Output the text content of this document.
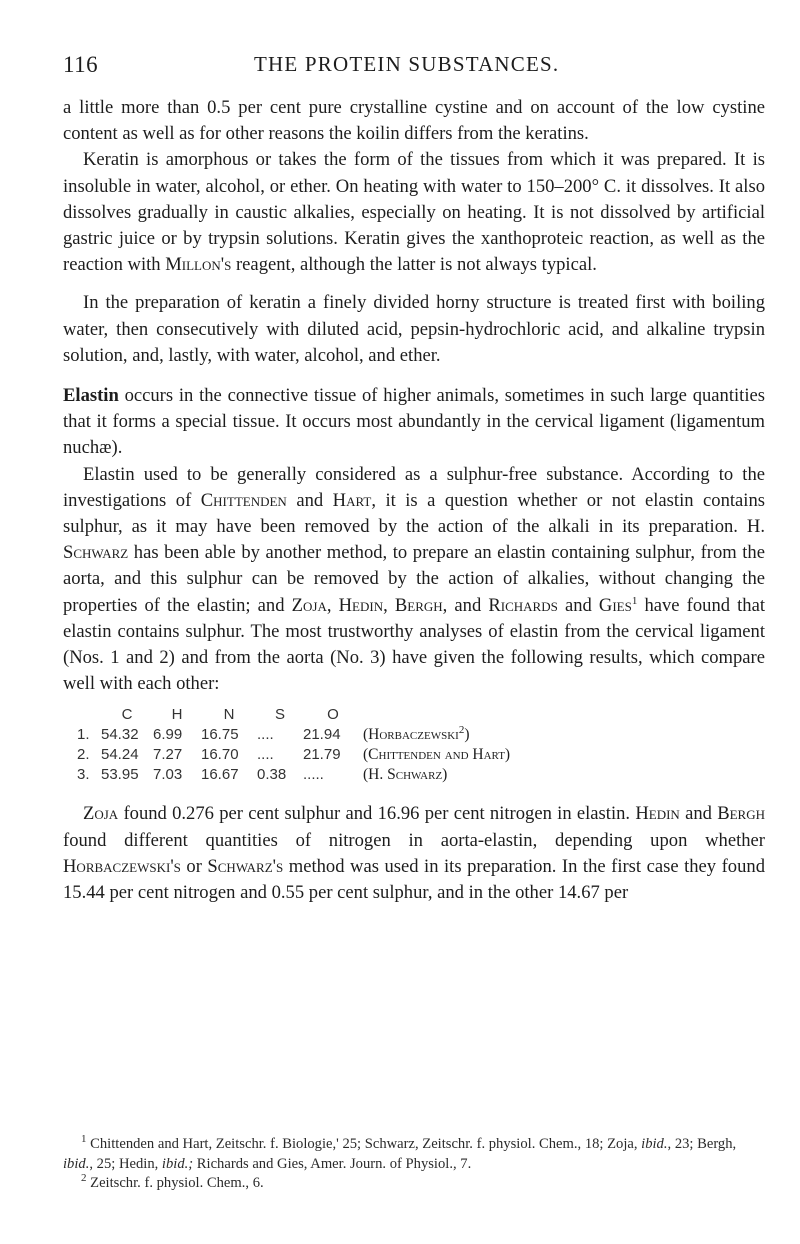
116	THE PROTEIN SUBSTANCES.

a little more than 0.5 per cent pure crystalline cystine and on account of the low cystine content as well as for other reasons the koilin differs from the keratins.

Keratin is amorphous or takes the form of the tissues from which it was prepared. It is insoluble in water, alcohol, or ether. On heating with water to 150–200° C. it dissolves. It also dissolves gradually in caustic alkalies, especially on heating. It is not dissolved by artificial gastric juice or by trypsin solutions. Keratin gives the xanthoproteic reaction, as well as the reaction with Millon's reagent, although the latter is not always typical.

In the preparation of keratin a finely divided horny structure is treated first with boiling water, then consecutively with diluted acid, pepsin-hydrochloric acid, and alkaline trypsin solution, and, lastly, with water, alcohol, and ether.

Elastin occurs in the connective tissue of higher animals, sometimes in such large quantities that it forms a special tissue. It occurs most abundantly in the cervical ligament (ligamentum nuchæ).

Elastin used to be generally considered as a sulphur-free substance. According to the investigations of Chittenden and Hart, it is a question whether or not elastin contains sulphur, as it may have been removed by the action of the alkali in its preparation. H. Schwarz has been able by another method, to prepare an elastin containing sulphur, from the aorta, and this sulphur can be removed by the action of alkalies, without changing the properties of the elastin; and Zoja, Hedin, Bergh, and Richards and Gies$^1$ have found that elastin contains sulphur. The most trustworthy analyses of elastin from the cervical ligament (Nos. 1 and 2) and from the aorta (No. 3) have given the following results, which compare well with each other:

	C	H	N	S	O	
1.	54.32	6.99	16.75	....	21.94	(Horbaczewski$^2$)
2.	54.24	7.27	16.70	....	21.79	(Chittenden and Hart)
3.	53.95	7.03	16.67	0.38	.....	(H. Schwarz)

Zoja found 0.276 per cent sulphur and 16.96 per cent nitrogen in elastin. Hedin and Bergh found different quantities of nitrogen in aorta-elastin, depending upon whether Horbaczewski's or Schwarz's method was used in its preparation. In the first case they found 15.44 per cent nitrogen and 0.55 per cent sulphur, and in the other 14.67 per

$^1$ Chittenden and Hart, Zeitschr. f. Biologie,' 25; Schwarz, Zeitschr. f. physiol. Chem., 18; Zoja, ibid., 23; Bergh, ibid., 25; Hedin, ibid.; Richards and Gies, Amer. Journ. of Physiol., 7.

$^2$ Zeitschr. f. physiol. Chem., 6.
